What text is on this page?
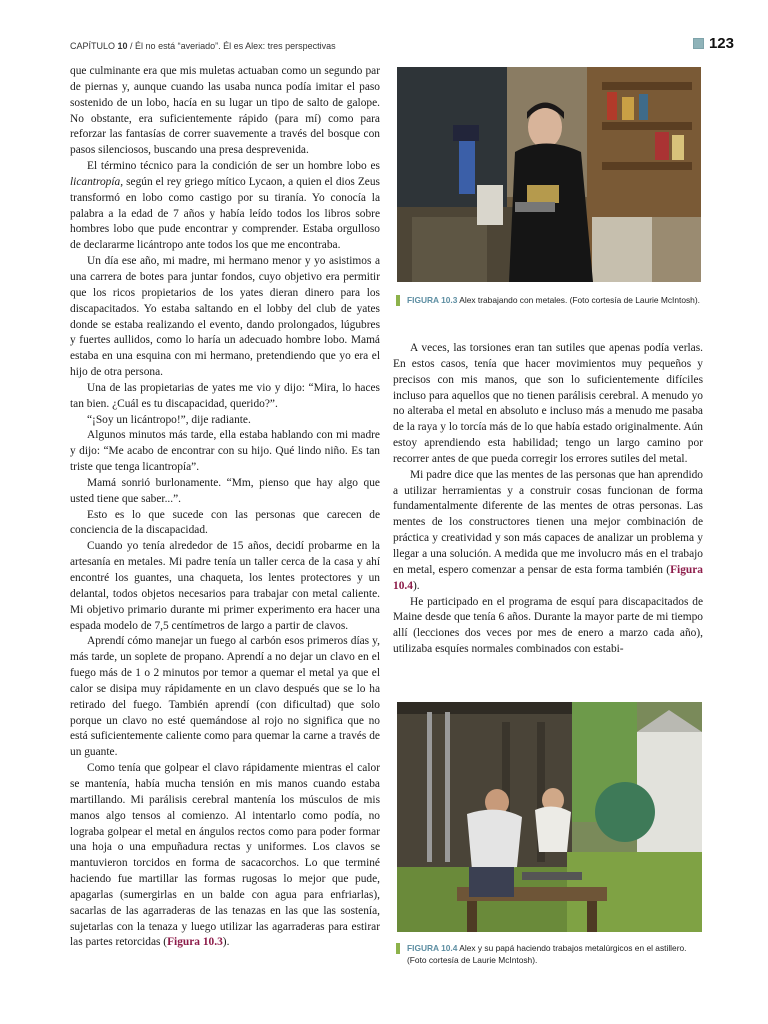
CAPÍTULO 10 / Él no está “averiado”. Él es Alex: tres perspectivas	123

que culminante era que mis muletas actuaban como un segundo par de piernas y, aunque cuando las usaba nunca podía imitar el paso sostenido de un lobo, hacía en su lugar un tipo de salto de galope. No obstante, era suficientemente rápido (para mí) como para reforzar las fantasías de correr suavemente a través del bosque con pasos silenciosos, buscando una presa desprevenida.

El término técnico para la condición de ser un hombre lobo es licantropía, según el rey griego mítico Lycaon, a quien el dios Zeus transformó en lobo como castigo por su tiranía. Yo conocía la palabra a la edad de 7 años y había leído todos los libros sobre hombres lobo que pude encontrar y comprender. Estaba orgulloso de declararme licántropo ante todos los que me encontraba.

Un día ese año, mi madre, mi hermano menor y yo asistimos a una carrera de botes para juntar fondos, cuyo objetivo era permitir que los ricos propietarios de los yates dieran dinero para los discapacitados. Yo estaba saltando en el lobby del club de yates donde se estaba realizando el evento, dando prolongados, lúgubres y fuertes aullidos, como lo haría un adecuado hombre lobo. Mamá estaba en una esquina con mi hermano, pretendiendo que yo era el hijo de otra persona.

Una de las propietarias de yates me vio y dijo: “Mira, lo haces tan bien. ¿Cuál es tu discapacidad, querido?”.

“¡Soy un licántropo!”, dije radiante.

Algunos minutos más tarde, ella estaba hablando con mi madre y dijo: “Me acabo de encontrar con su hijo. Qué lindo niño. Es tan triste que tenga licantropía”.

Mamá sonrió burlonamente. “Mm, pienso que hay algo que usted tiene que saber...”.

Esto es lo que sucede con las personas que carecen de conciencia de la discapacidad.

Cuando yo tenía alrededor de 15 años, decidí probarme en la artesanía en metales. Mi padre tenía un taller cerca de la casa y ahí encontré los guantes, una chaqueta, los lentes protectores y un delantal, todos objetos necesarios para trabajar con metal caliente. Mi objetivo primario durante mi primer experimento era hacer una espada modelo de 7,5 centímetros de largo a partir de clavos.

Aprendí cómo manejar un fuego al carbón esos primeros días y, más tarde, un soplete de propano. Aprendí a no dejar un clavo en el fuego más de 1 o 2 minutos por temor a quemar el metal ya que el calor se disipa muy rápidamente en un clavo después que se lo ha retirado del fuego. También aprendí (con dificultad) que solo porque un clavo no esté quemándose al rojo no significa que no está suficientemente caliente como para quemar la carne a través de un guante.

Como tenía que golpear el clavo rápidamente mientras el calor se mantenía, había mucha tensión en mis manos cuando estaba martillando. Mi parálisis cerebral mantenía los músculos de mis manos algo tensos al comienzo. Al intentarlo como podía, no lograba golpear el metal en ángulos rectos como para poder formar una hoja o una empuñadura rectas y uniformes. Los clavos se mantuvieron torcidos en forma de sacacorchos. Lo que terminé haciendo fue martillar las formas rugosas lo mejor que pude, apagarlas (sumergirlas en un balde con agua para enfriarlas), sacarlas de las agarraderas de las tenazas en las que las sostenía, sujetarlas con la tenaza y luego utilizar las agarraderas para estirar las partes retorcidas (Figura 10.3).

FIGURA 10.3 Alex trabajando con metales. (Foto cortesía de Laurie McIntosh).

A veces, las torsiones eran tan sutiles que apenas podía verlas. En estos casos, tenía que hacer movimientos muy pequeños y precisos con mis manos, que son lo suficientemente difíciles incluso para aquellos que no tienen parálisis cerebral. A menudo yo no alteraba el metal en absoluto e incluso más a menudo me pasaba de la raya y lo torcía más de lo que había estado originalmente. Aún estoy aprendiendo esta habilidad; tengo un largo camino por recorrer antes de que pueda corregir los errores sutiles del metal.

Mi padre dice que las mentes de las personas que han aprendido a utilizar herramientas y a construir cosas funcionan de forma fundamentalmente diferente de las mentes de otras personas. Las mentes de los constructores tienen una mejor combinación de práctica y creatividad y son más capaces de analizar un problema y llegar a una solución. A medida que me involucro más en el trabajo en metal, espero comenzar a pensar de esta forma también (Figura 10.4).

He participado en el programa de esquí para discapacitados de Maine desde que tenía 6 años. Durante la mayor parte de mi tiempo allí (lecciones dos veces por mes de enero a marzo cada año), utilizaba esquíes normales combinados con estabi-

FIGURA 10.4 Alex y su papá haciendo trabajos metalúrgicos en el astillero. (Foto cortesía de Laurie McIntosh).
